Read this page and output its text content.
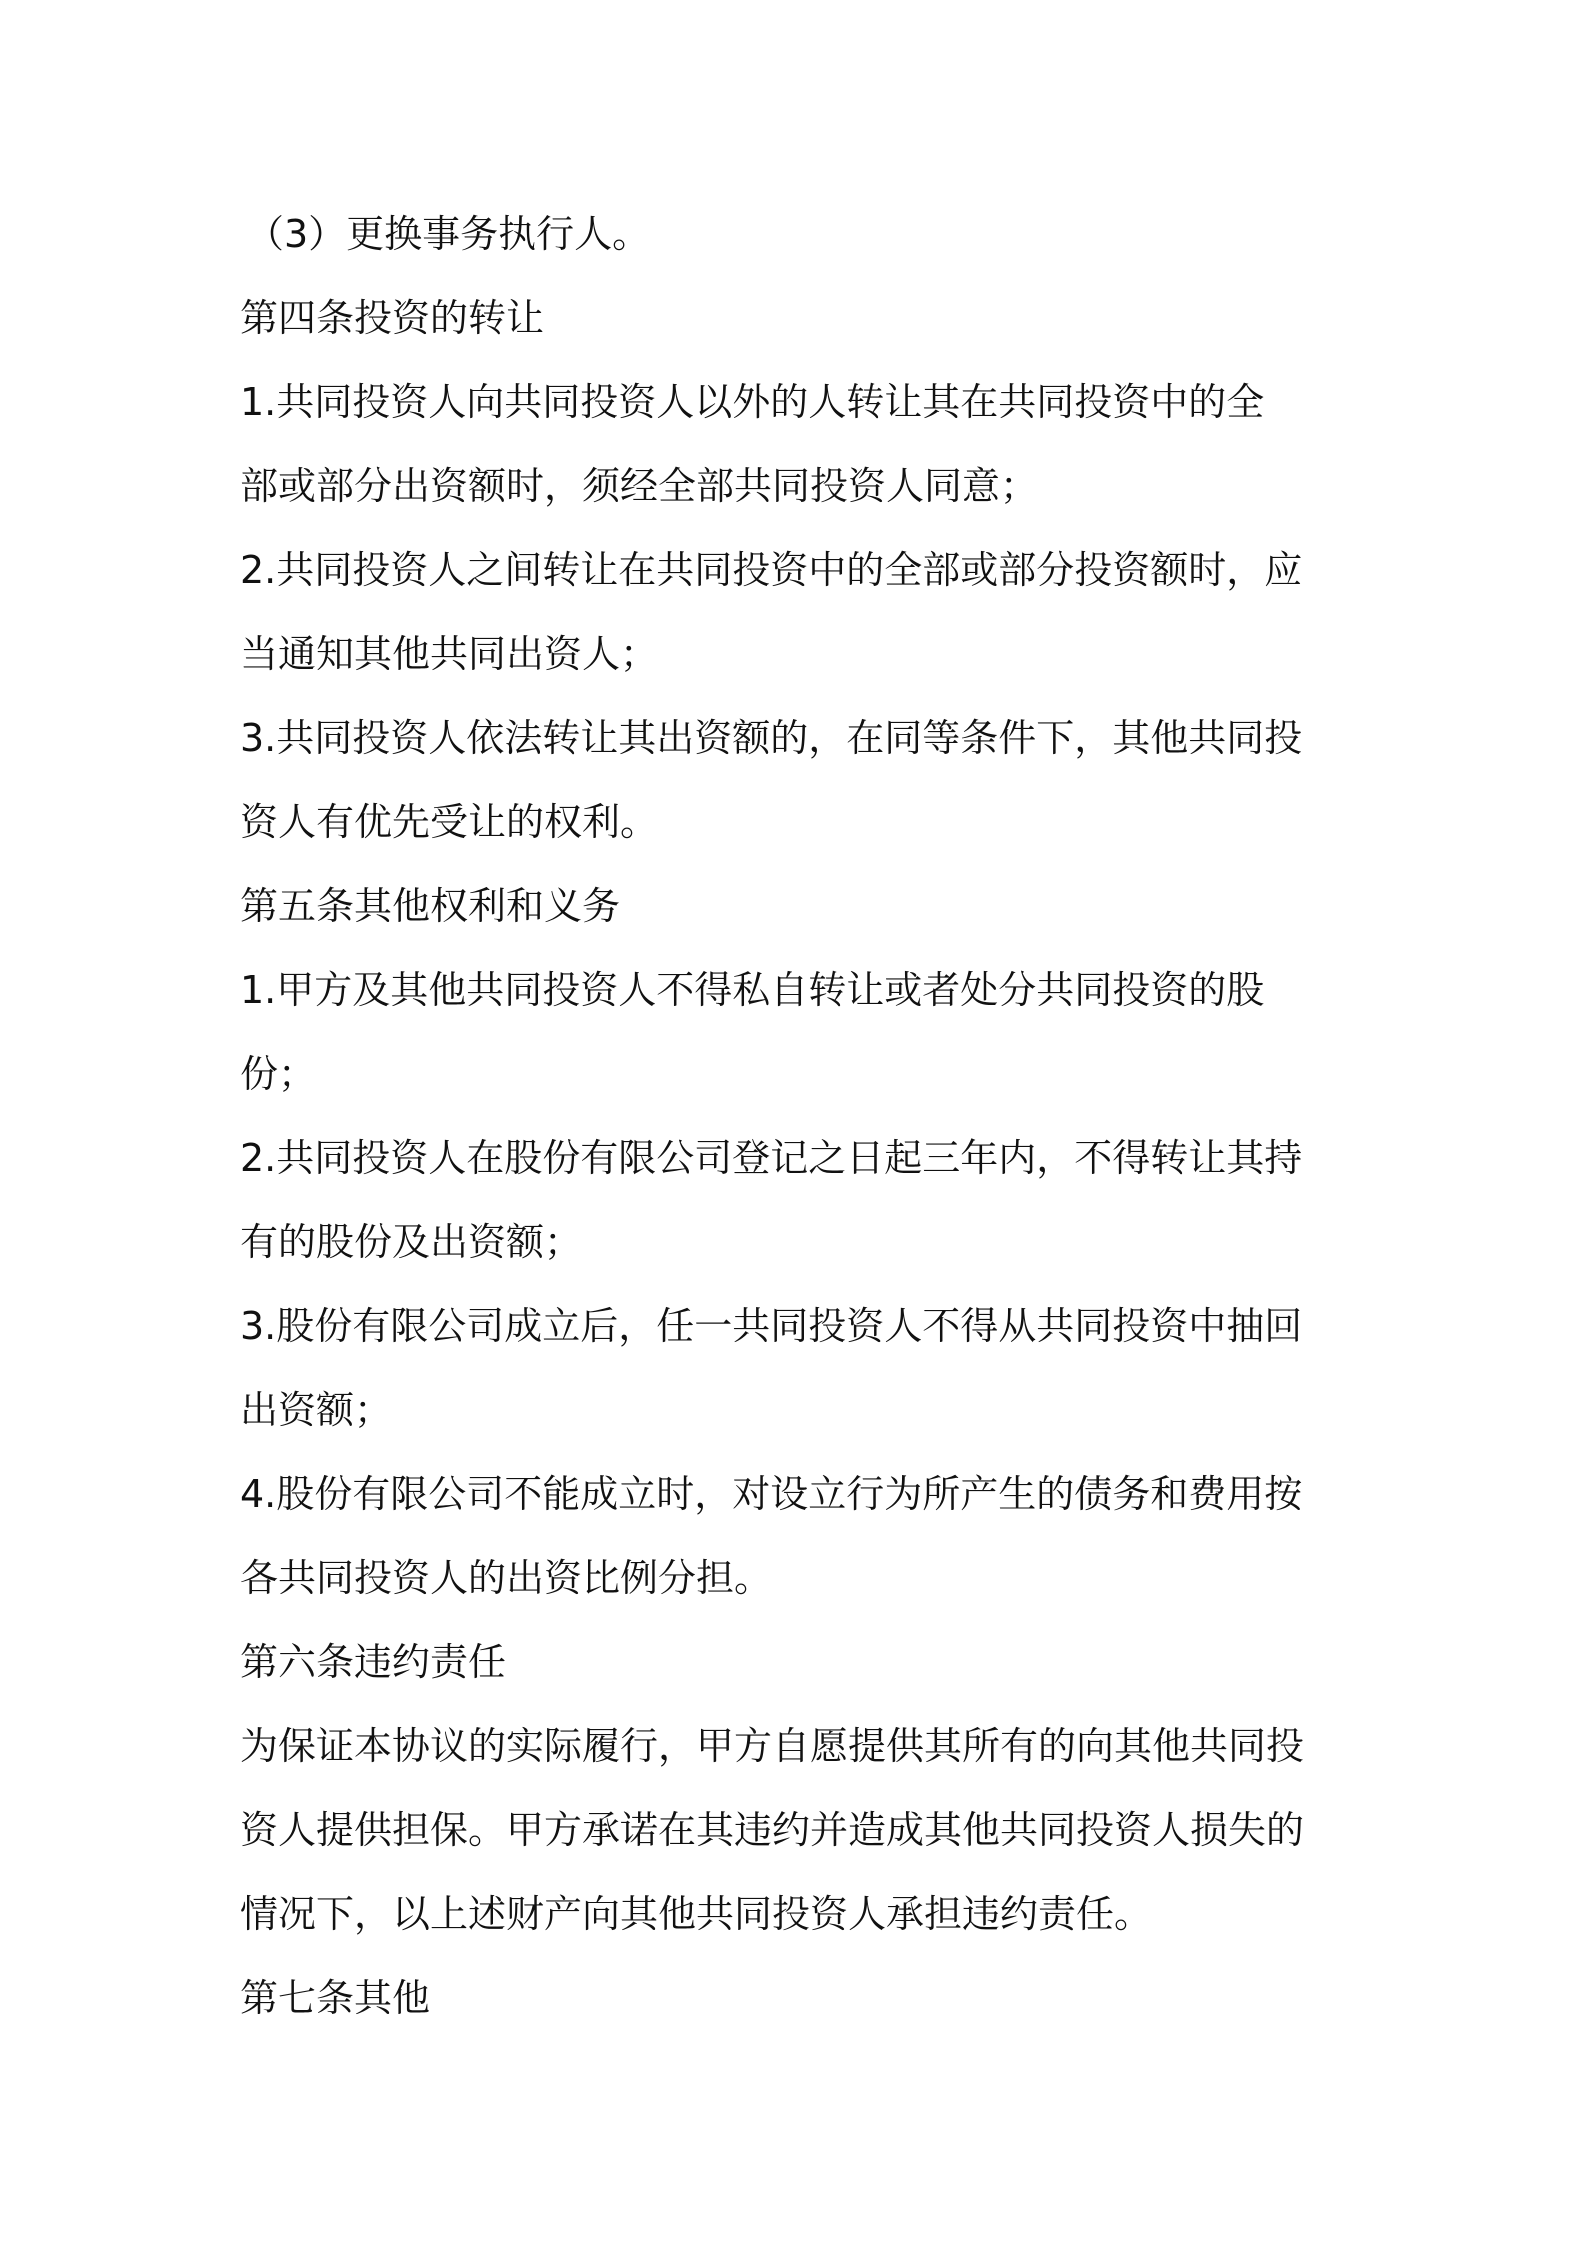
（3）更换事务执行人。
第四条投资的转让
1.共同投资人向共同投资人以外的人转让其在共同投资中的全
部或部分出资额时，须经全部共同投资人同意；
2.共同投资人之间转让在共同投资中的全部或部分投资额时，应
当通知其他共同出资人；
3.共同投资人依法转让其出资额的，在同等条件下，其他共同投
资人有优先受让的权利。
第五条其他权利和义务
1.甲方及其他共同投资人不得私自转让或者处分共同投资的股
份；
2.共同投资人在股份有限公司登记之日起三年内，不得转让其持
有的股份及出资额；
3.股份有限公司成立后，任一共同投资人不得从共同投资中抽回
出资额；
4.股份有限公司不能成立时，对设立行为所产生的债务和费用按
各共同投资人的出资比例分担。
第六条违约责任
为保证本协议的实际履行，甲方自愿提供其所有的向其他共同投
资人提供担保。甲方承诺在其违约并造成其他共同投资人损失的
情况下，以上述财产向其他共同投资人承担违约责任。
第七条其他
